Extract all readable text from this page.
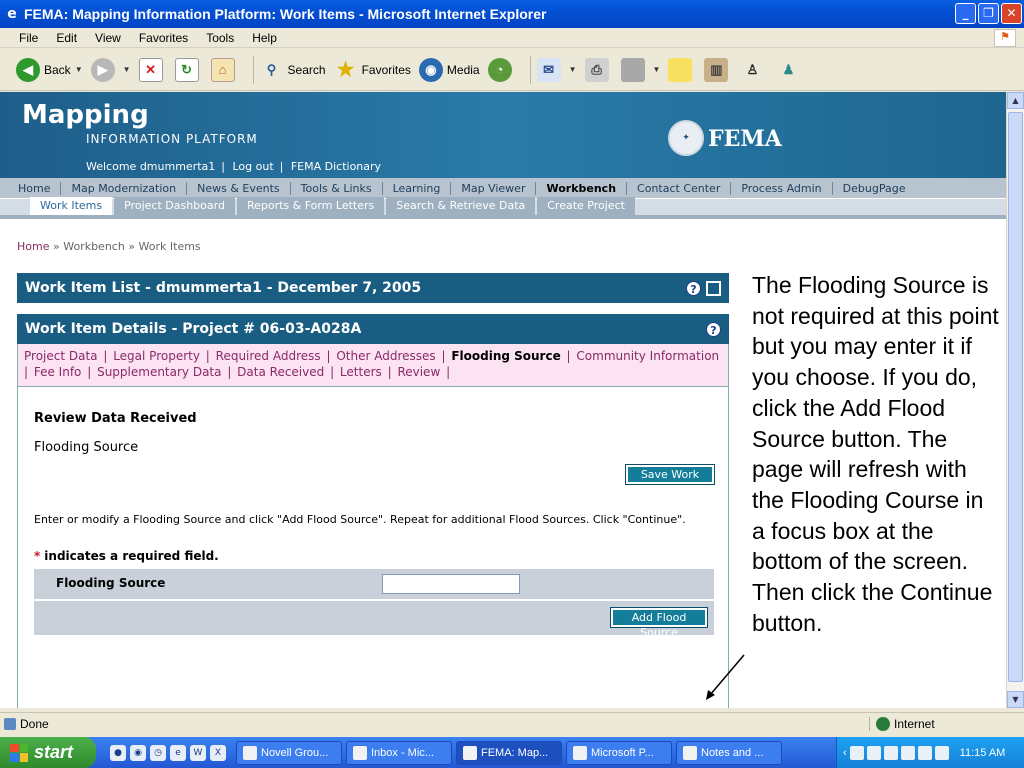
e FEMA: Mapping Information Platform: Work Items - Microsoft Internet Explorer	_	❐	✕
File	Edit	View	Favorites	Tools	Help	⚑
◀ Back ▼	▶	▼	✕	↻	⌂	⚲ Search ★ Favorites	◉ Media	◔	✉	▼	⎙	▼	▥	♙	♟
Mapping
INFORMATION PLATFORM
Welcome dmummerta1 | Log out | FEMA Dictionary
✦ FEMA
Home	Map Modernization	News & Events	Tools & Links	Learning	Map Viewer	Workbench	Contact Center	Process Admin	DebugPage
Work Items	Project Dashboard	Reports & Form Letters	Search & Retrieve Data	Create Project
Home » Workbench » Work Items
Work Item List - dmummerta1 - December 7, 2005	?
Work Item Details - Project # 06-03-A028A	?
Project Data | Legal Property | Required Address | Other Addresses | Flooding Source | Community Information | Fee Info | Supplementary Data | Data Received | Letters | Review |
Review Data Received
Flooding Source
Save Work
Enter or modify a Flooding Source and click "Add Flood Source". Repeat for additional Flood Sources. Click "Continue".
* indicates a required field.
Flooding Source
Add Flood Source
The Flooding Source is not required at this point but you may enter it if you choose. If you do, click the Add Flood Source button. The page will refresh with the Flooding Course in a focus box at the bottom of the screen. Then click the Continue button.
▲
▼
Done	Internet
start	●	◉	◷	e	W	X	Novell Grou...	Inbox - Mic...	FEMA: Map...	Microsoft P...	Notes and ...	‹	11:15 AM
